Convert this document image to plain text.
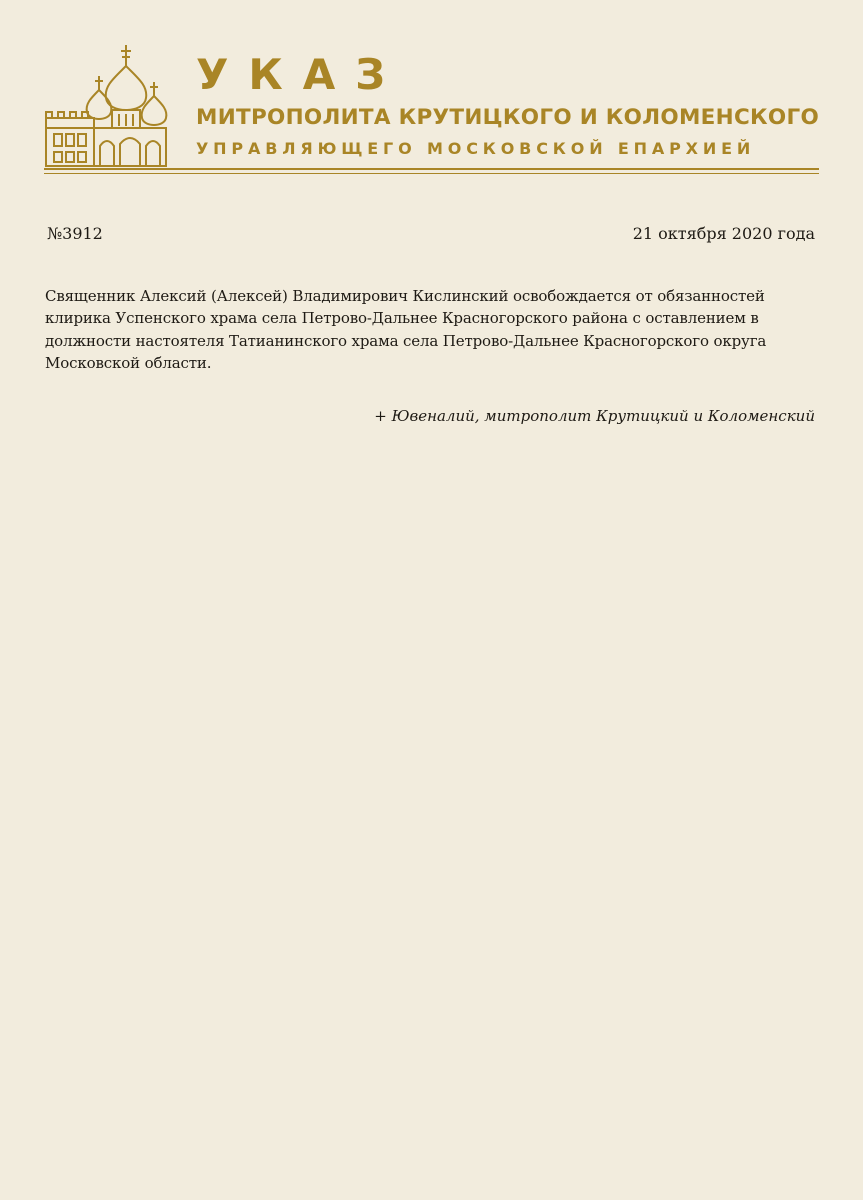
УКАЗ
МИТРОПОЛИТА КРУТИЦКОГО И КОЛОМЕНСКОГО
УПРАВЛЯЮЩЕГО МОСКОВСКОЙ ЕПАРХИЕЙ
№3912	21 октября 2020 года

Священник Алексий (Алексей) Владимирович Кислинский освобождается от обязанностей клирика Успенского храма села Петрово-Дальнее Красногорского района с оставлением в должности настоятеля Татианинского храма села Петрово-Дальнее Красногорского округа Московской области.

+ Ювеналий, митрополит Крутицкий и Коломенский
